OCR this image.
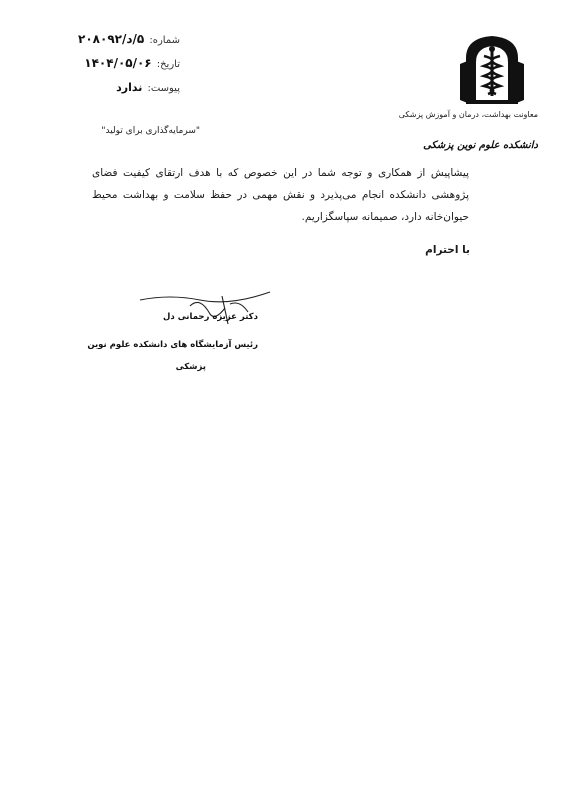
شماره: ۵/د/۲۰۸۰۹۲
تاریخ: ۱۴۰۴/۰۵/۰۶
پیوست: ندارد
"سرمایه‌گذاری برای تولید"
معاونت بهداشت، درمان و آموزش پزشکی
دانشکده علوم نوین پزشکی
پیشاپیش از همکاری و توجه شما در این خصوص که با هدف ارتقای کیفیت فضای پژوهشی دانشکده انجام می‌پذیرد و نقش مهمی در حفظ سلامت و بهداشت محیط حیوان‌خانه دارد، صمیمانه سپاسگزاریم.
با احترام
دکتر عزیزه رحمانی دل
رئیس آزمایشگاه های دانشکده علوم نوین
پزشکی
